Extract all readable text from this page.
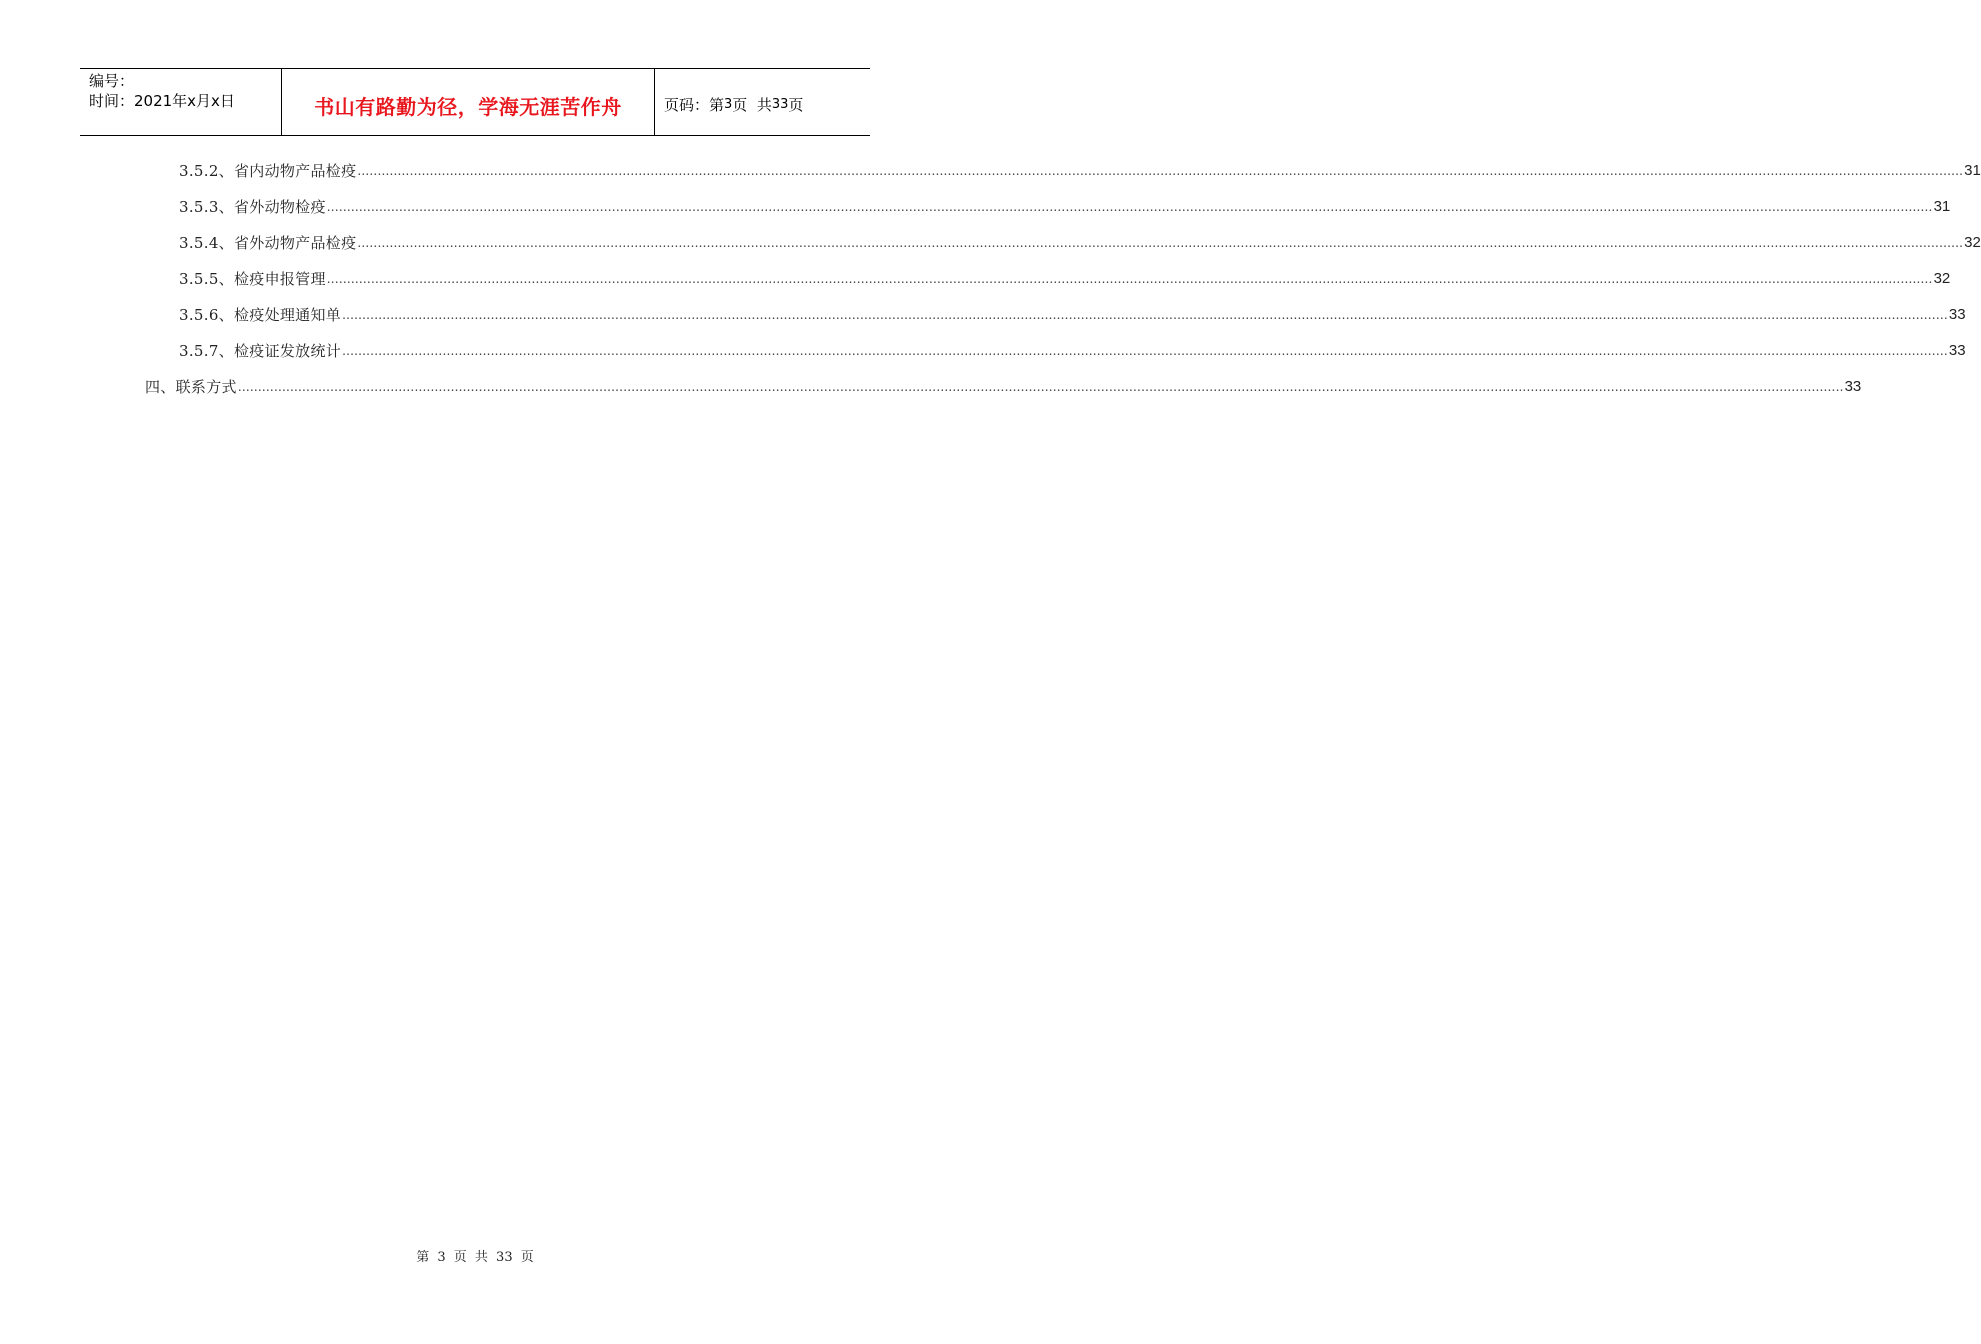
编号：
时间：2021年x月x日	书山有路勤为径，学海无涯苦作舟	页码：第 3 页  共 33 页
3.5.2、省内动物产品检疫 ................................................................................................................................................................................................................................................................................................................................................................................................................ 31
3.5.3、省外动物检疫 ................................................................................................................................................................................................................................................................................................................................................................................................................ 31
3.5.4、省外动物产品检疫 ................................................................................................................................................................................................................................................................................................................................................................................................................ 32
3.5.5、检疫申报管理 ................................................................................................................................................................................................................................................................................................................................................................................................................ 32
3.5.6、检疫处理通知单 ................................................................................................................................................................................................................................................................................................................................................................................................................ 33
3.5.7、检疫证发放统计 ................................................................................................................................................................................................................................................................................................................................................................................................................ 33
四、联系方式 ................................................................................................................................................................................................................................................................................................................................................................................................................ 33
第 3 页 共 33 页
